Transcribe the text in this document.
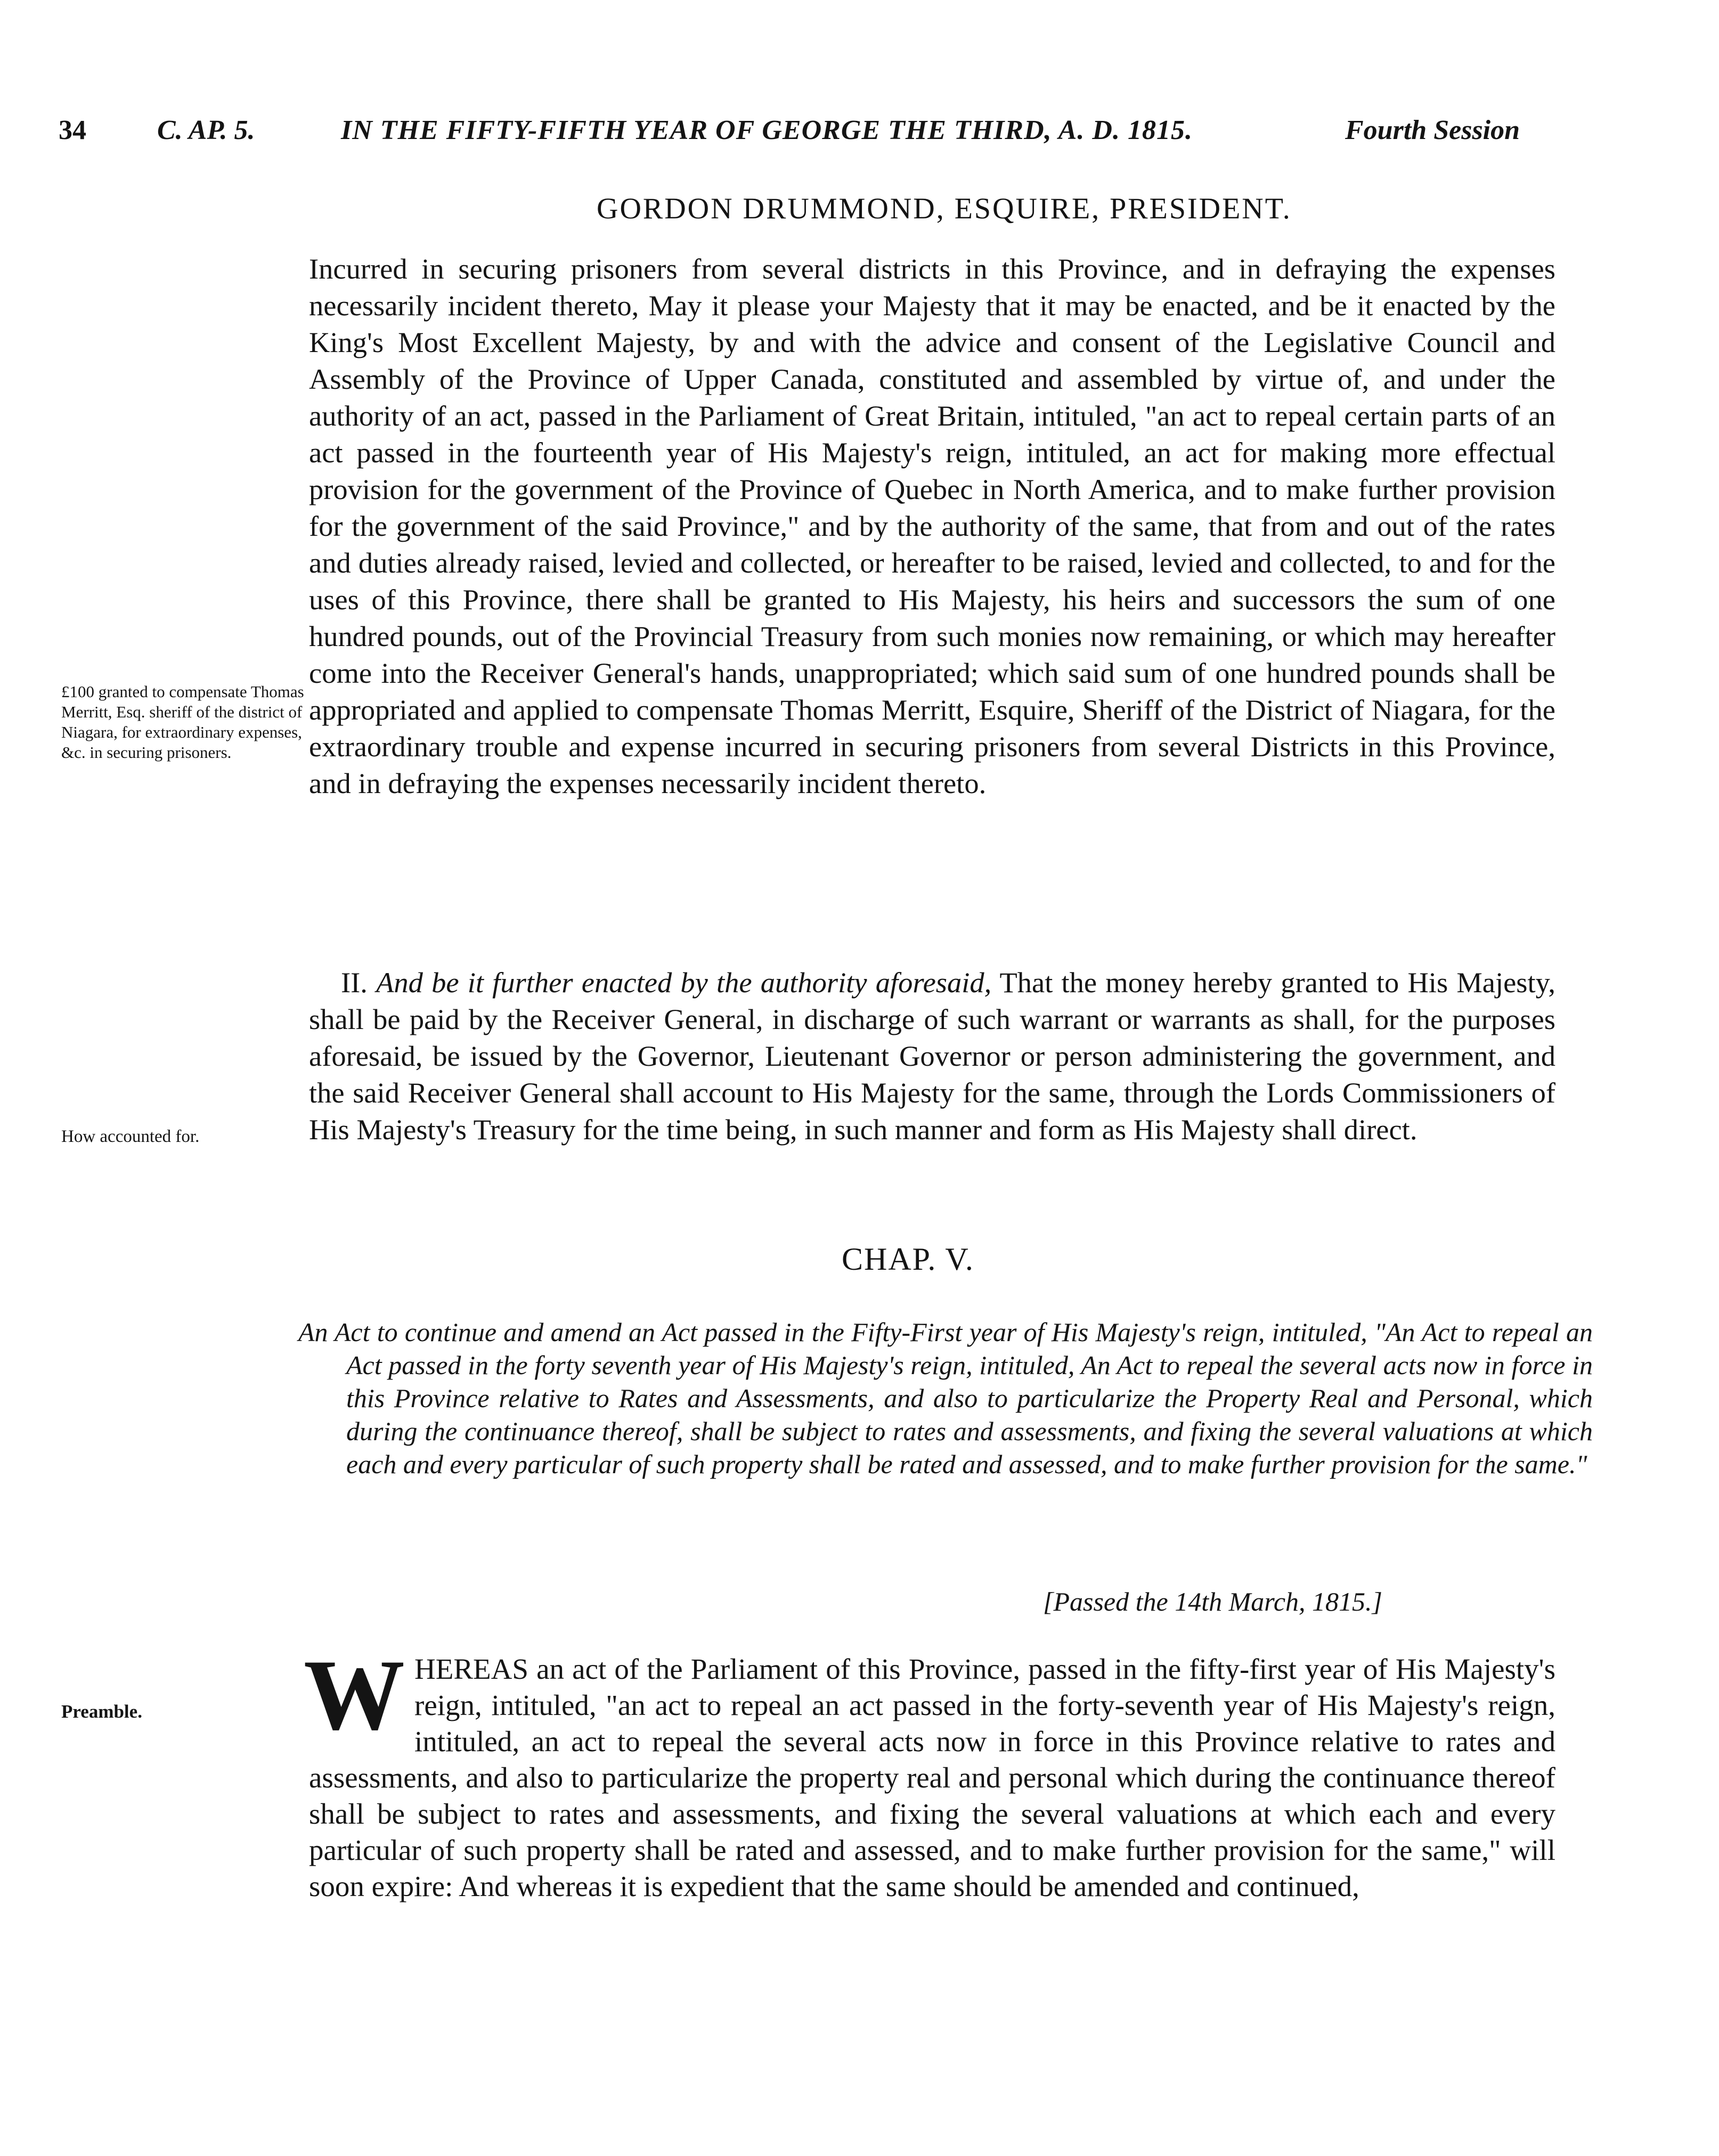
34	C. AP. 5.	IN THE FIFTY-FIFTH YEAR OF GEORGE THE THIRD, A. D. 1815.	Fourth Session
GORDON DRUMMOND, ESQUIRE, PRESIDENT.
Incurred in securing prisoners from several districts in this Province, and in defraying the expenses necessarily incident thereto, May it please your Majesty that it may be enacted, and be it enacted by the King's Most Excellent Majesty, by and with the advice and consent of the Legislative Council and Assembly of the Province of Upper Canada, constituted and assembled by virtue of, and under the authority of an act, passed in the Parliament of Great Britain, intituled, "an act to repeal certain parts of an act passed in the fourteenth year of His Majesty's reign, intituled, an act for making more effectual provision for the government of the Province of Quebec in North America, and to make further provision for the government of the said Province," and by the authority of the same, that from and out of the rates and duties already raised, levied and collected, or hereafter to be raised, levied and collected, to and for the uses of this Province, there shall be granted to His Majesty, his heirs and successors the sum of one hundred pounds, out of the Provincial Treasury from such monies now remaining, or which may hereafter come into the Receiver General's hands, unappropriated; which said sum of one hundred pounds shall be appropriated and applied to compensate Thomas Merritt, Esquire, Sheriff of the District of Niagara, for the extraordinary trouble and expense incurred in securing prisoners from several Districts in this Province, and in defraying the expenses necessarily incident thereto.
£100 granted to compensate Thomas Merritt, Esq. sheriff of the district of Niagara, for extraordinary expenses, &c. in securing prisoners.
II. And be it further enacted by the authority aforesaid, That the money hereby granted to His Majesty, shall be paid by the Receiver General, in discharge of such warrant or warrants as shall, for the purposes aforesaid, be issued by the Governor, Lieutenant Governor or person administering the government, and the said Receiver General shall account to His Majesty for the same, through the Lords Commissioners of His Majesty's Treasury for the time being, in such manner and form as His Majesty shall direct.
How accounted for.
CHAP. V.
An Act to continue and amend an Act passed in the Fifty-First year of His Majesty's reign, intituled, "An Act to repeal an Act passed in the forty seventh year of His Majesty's reign, intituled, An Act to repeal the several acts now in force in this Province relative to Rates and Assessments, and also to particularize the Property Real and Personal, which during the continuance thereof, shall be subject to rates and assessments, and fixing the several valuations at which each and every particular of such property shall be rated and assessed, and to make further provision for the same."
[Passed the 14th March, 1815.]
Preamble.	WHEREAS an act of the Parliament of this Province, passed in the fifty-first year of His Majesty's reign, intituled, "an act to repeal an act passed in the forty-seventh year of His Majesty's reign, intituled, an act to repeal the several acts now in force in this Province relative to rates and assessments, and also to particularize the property real and personal which during the continuance thereof shall be subject to rates and assessments, and fixing the several valuations at which each and every particular of such property shall be rated and assessed, and to make further provision for the same," will soon expire: And whereas it is expedient that the same should be amended and continued,
